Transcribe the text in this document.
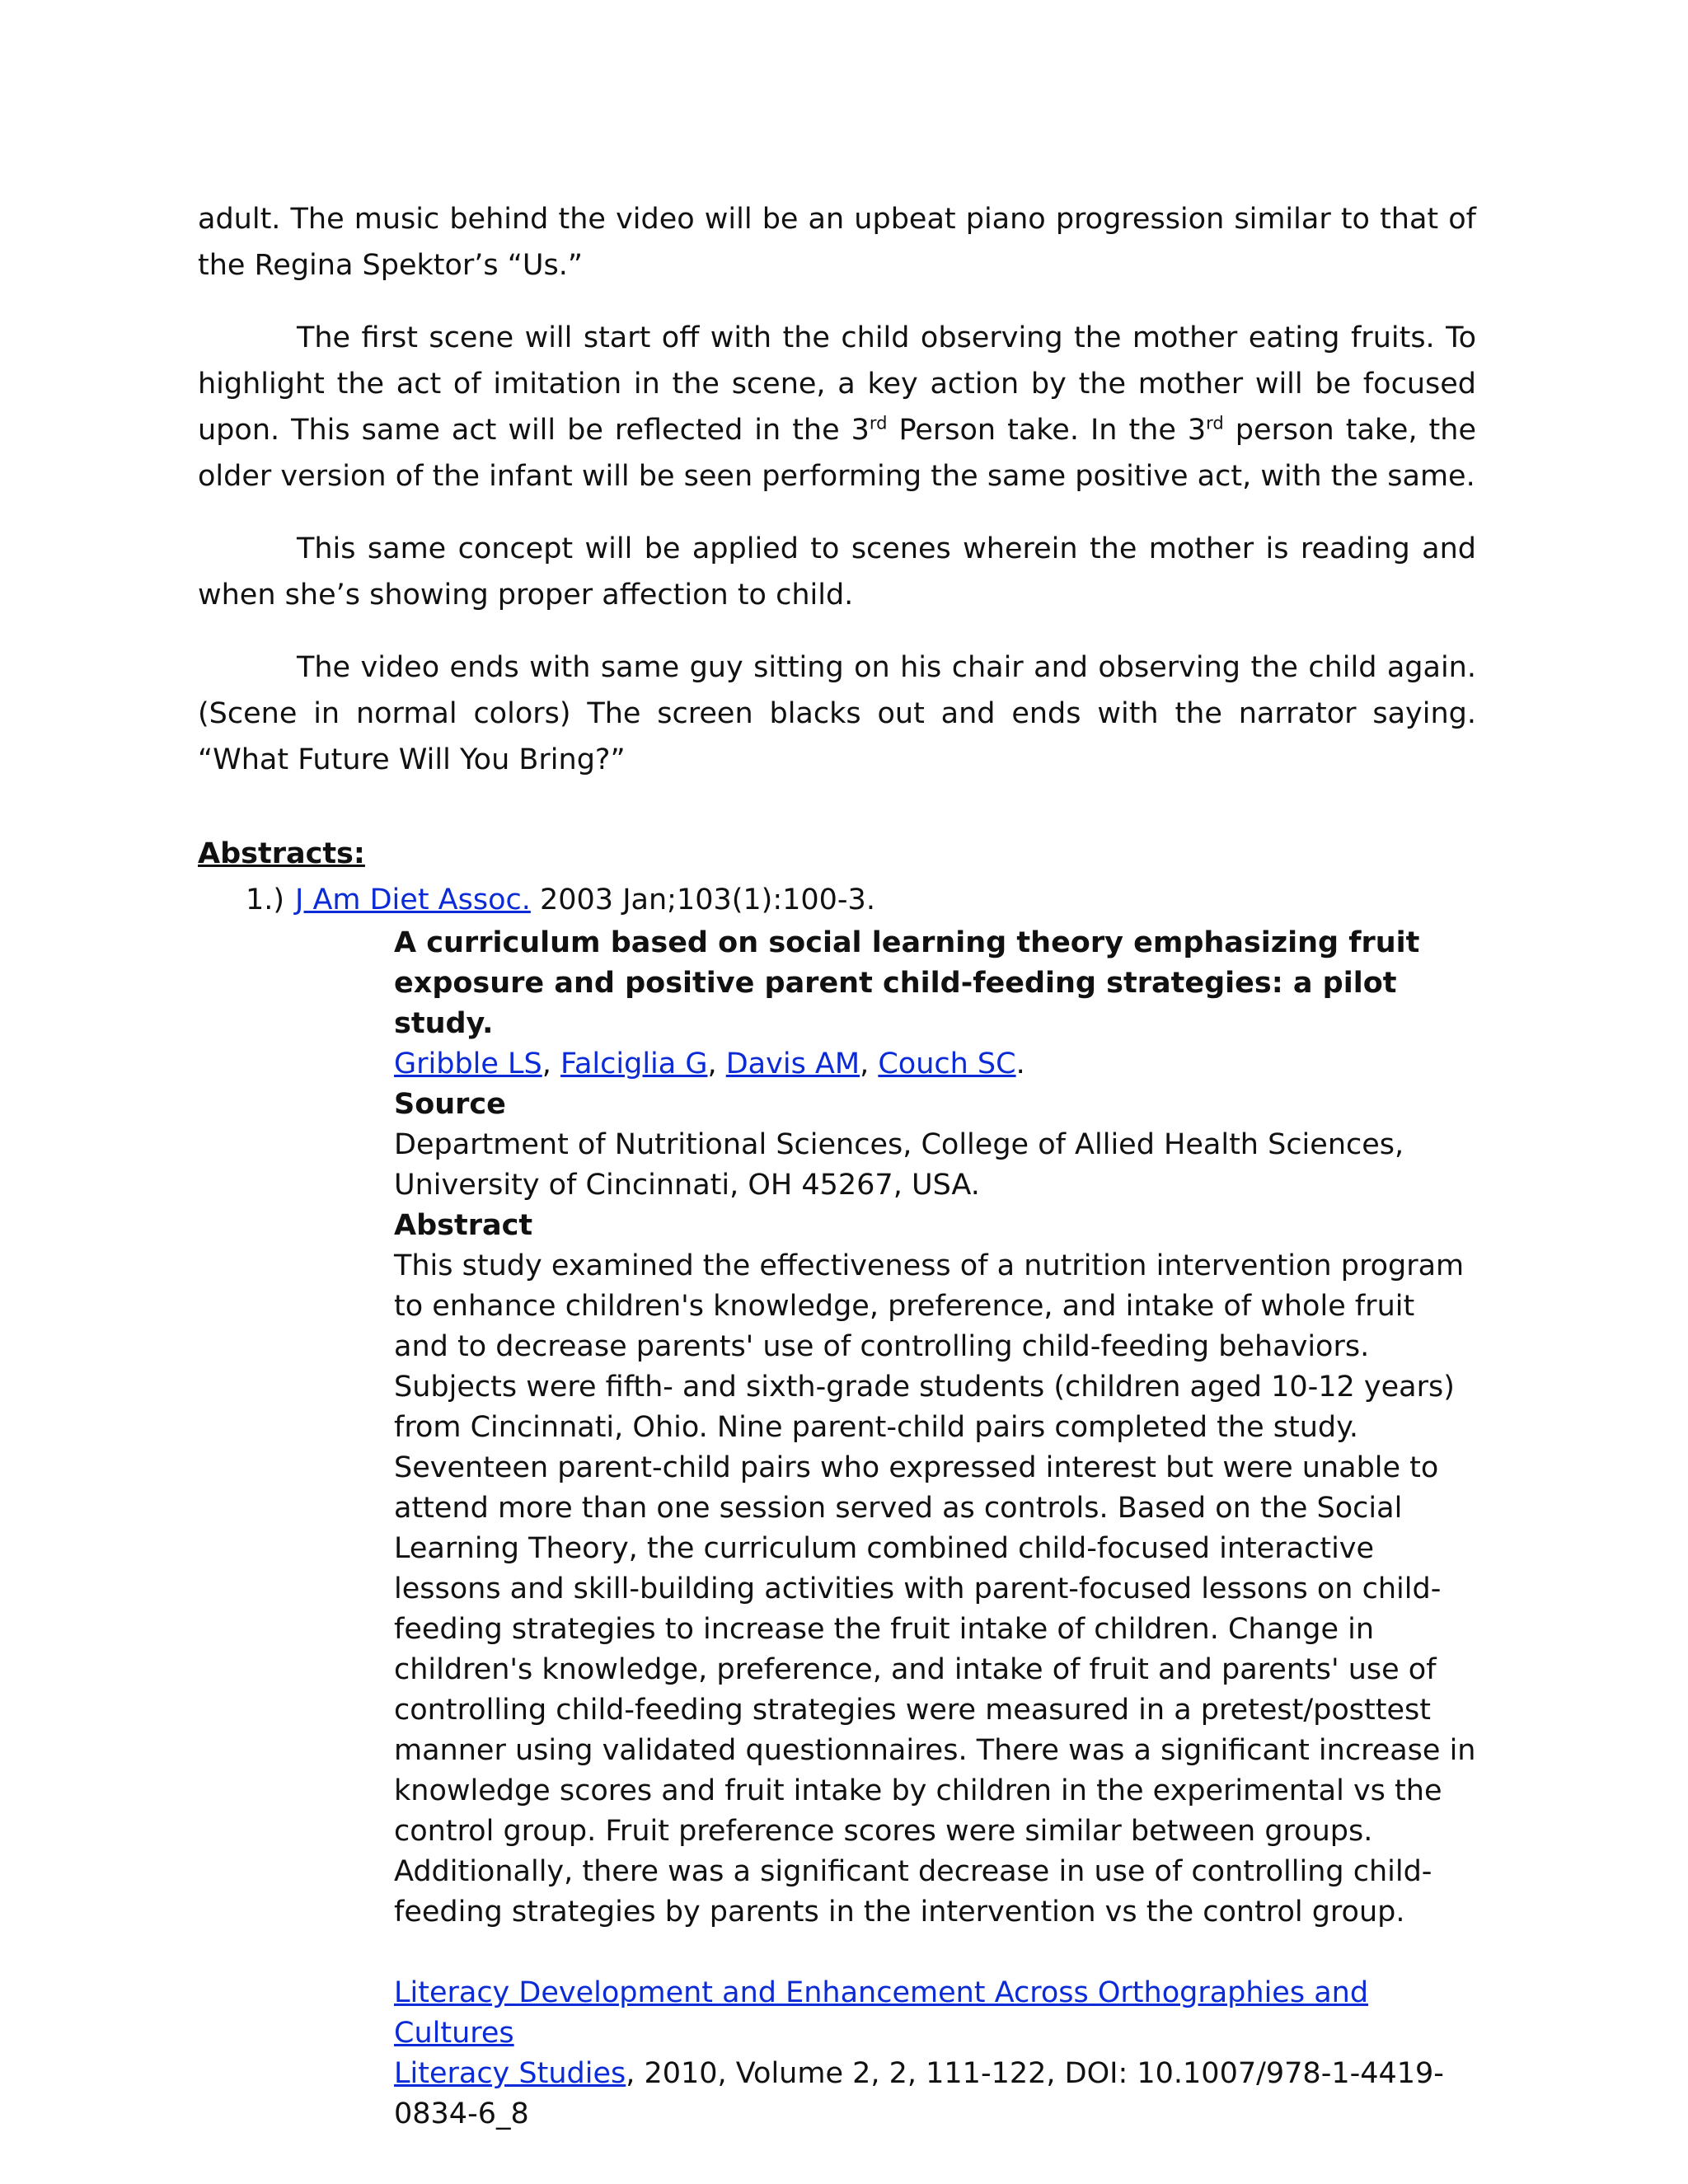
adult. The music behind the video will be an upbeat piano progression similar to that of the Regina Spektor’s “Us.”

The first scene will start off with the child observing the mother eating fruits. To highlight the act of imitation in the scene, a key action by the mother will be focused upon. This same act will be reflected in the 3rd Person take. In the 3rd person take, the older version of the infant will be seen performing the same positive act, with the same.

This same concept will be applied to scenes wherein the mother is reading and when she’s showing proper affection to child.

The video ends with same guy sitting on his chair and observing the child again. (Scene in normal colors) The screen blacks out and ends with the narrator saying. “What Future Will You Bring?”

Abstracts:
1.) J Am Diet Assoc. 2003 Jan;103(1):100-3.

A curriculum based on social learning theory emphasizing fruit exposure and positive parent child-feeding strategies: a pilot study.

Gribble LS, Falciglia G, Davis AM, Couch SC.

Source

Department of Nutritional Sciences, College of Allied Health Sciences, University of Cincinnati, OH 45267, USA.

Abstract

This study examined the effectiveness of a nutrition intervention program to enhance children's knowledge, preference, and intake of whole fruit and to decrease parents' use of controlling child-feeding behaviors. Subjects were fifth- and sixth-grade students (children aged 10-12 years) from Cincinnati, Ohio. Nine parent-child pairs completed the study. Seventeen parent-child pairs who expressed interest but were unable to attend more than one session served as controls. Based on the Social Learning Theory, the curriculum combined child-focused interactive lessons and skill-building activities with parent-focused lessons on child-feeding strategies to increase the fruit intake of children. Change in children's knowledge, preference, and intake of fruit and parents' use of controlling child-feeding strategies were measured in a pretest/posttest manner using validated questionnaires. There was a significant increase in knowledge scores and fruit intake by children in the experimental vs the control group. Fruit preference scores were similar between groups. Additionally, there was a significant decrease in use of controlling child-feeding strategies by parents in the intervention vs the control group.

Literacy Development and Enhancement Across Orthographies and Cultures

Literacy Studies, 2010, Volume 2, 2, 111-122, DOI: 10.1007/978-1-4419-0834-6_8
